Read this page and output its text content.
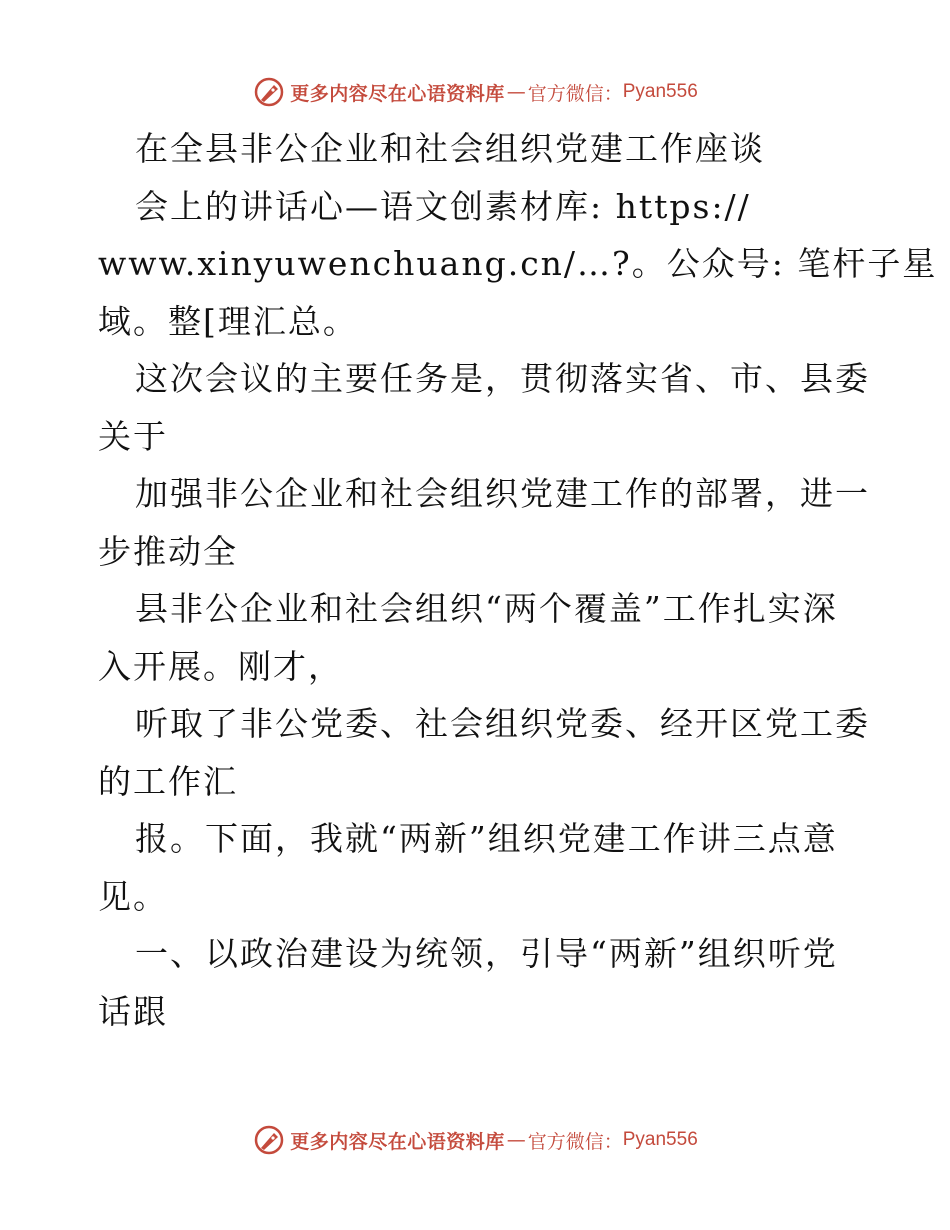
更多内容尽在心语资料库 — 官方微信： Pyan556
在全县非公企业和社会组织党建工作座谈
会上的讲话心—语文创素材库: https://
www.xinyuwenchuang.cn/…?。公众号: 笔杆子星
域。整[理汇总。
这次会议的主要任务是，贯彻落实省、市、县委
关于
加强非公企业和社会组织党建工作的部署，进一
步推动全
县非公企业和社会组织“两个覆盖”工作扎实深
入开展。刚才，
听取了非公党委、社会组织党委、经开区党工委
的工作汇
报。下面，我就“两新”组织党建工作讲三点意
见。
一、以政治建设为统领，引导“两新”组织听党
话跟
更多内容尽在心语资料库 — 官方微信： Pyan556
